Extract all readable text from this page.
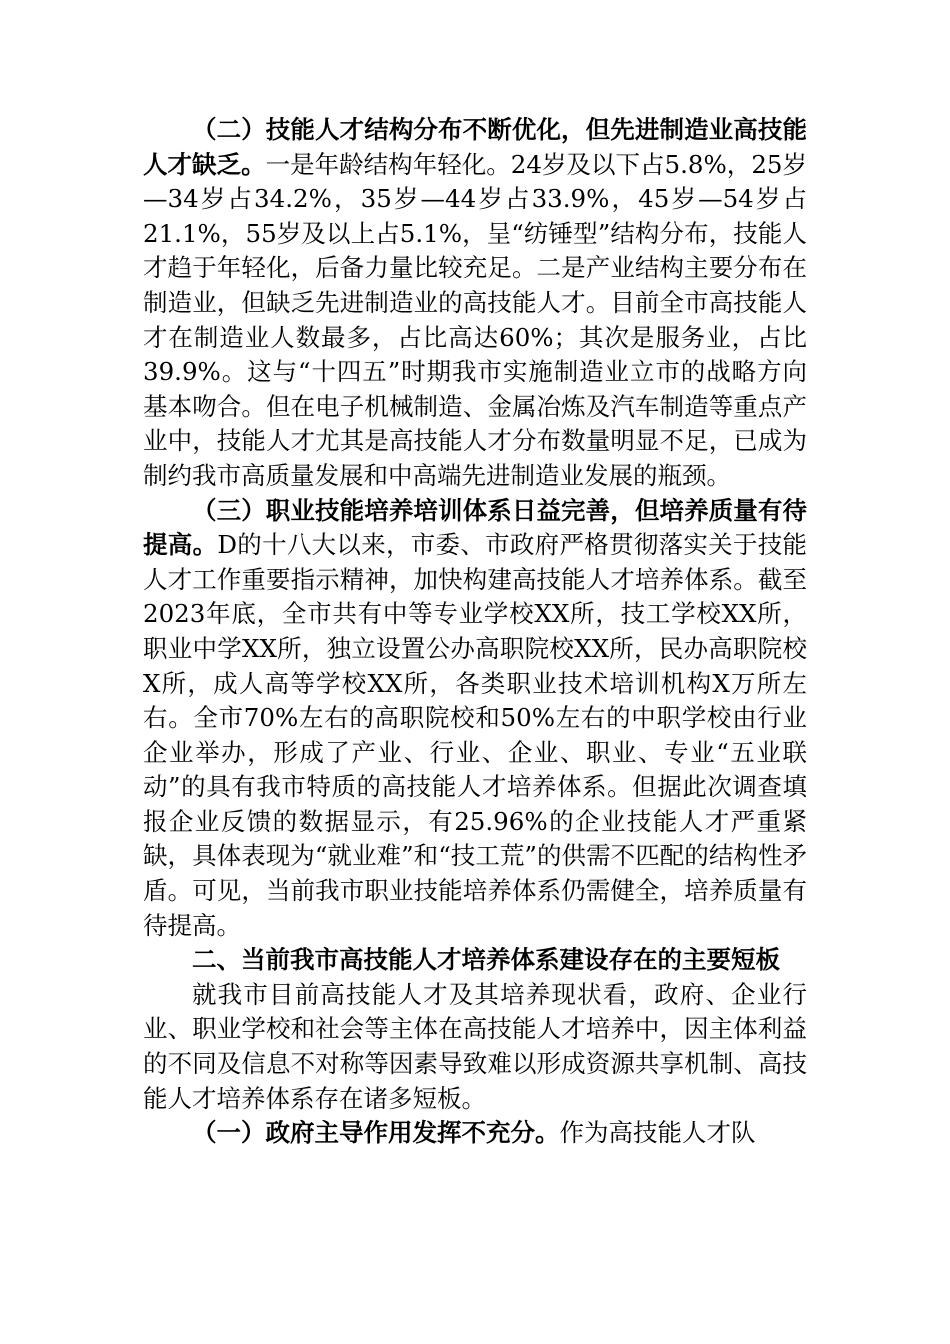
（二）技能人才结构分布不断优化，但先进制造业高技能人才缺乏。一是年龄结构年轻化。24岁及以下占5.8%，25岁—34岁占34.2%，35岁—44岁占33.9%，45岁—54岁占21.1%，55岁及以上占5.1%，呈“纺锤型”结构分布，技能人才趋于年轻化，后备力量比较充足。二是产业结构主要分布在制造业，但缺乏先进制造业的高技能人才。目前全市高技能人才在制造业人数最多，占比高达60%；其次是服务业，占比39.9%。这与“十四五”时期我市实施制造业立市的战略方向基本吻合。但在电子机械制造、金属冶炼及汽车制造等重点产业中，技能人才尤其是高技能人才分布数量明显不足，已成为制约我市高质量发展和中高端先进制造业发展的瓶颈。

（三）职业技能培养培训体系日益完善，但培养质量有待提高。D的十八大以来，市委、市政府严格贯彻落实关于技能人才工作重要指示精神，加快构建高技能人才培养体系。截至2023年底，全市共有中等专业学校XX所，技工学校XX所，职业中学XX所，独立设置公办高职院校XX所，民办高职院校X所，成人高等学校XX所，各类职业技术培训机构X万所左右。全市70%左右的高职院校和50%左右的中职学校由行业企业举办，形成了产业、行业、企业、职业、专业“五业联动”的具有我市特质的高技能人才培养体系。但据此次调查填报企业反馈的数据显示，有25.96%的企业技能人才严重紧缺，具体表现为“就业难”和“技工荒”的供需不匹配的结构性矛盾。可见，当前我市职业技能培养体系仍需健全，培养质量有待提高。

二、当前我市高技能人才培养体系建设存在的主要短板

就我市目前高技能人才及其培养现状看，政府、企业行业、职业学校和社会等主体在高技能人才培养中，因主体利益的不同及信息不对称等因素导致难以形成资源共享机制、高技能人才培养体系存在诸多短板。

（一）政府主导作用发挥不充分。作为高技能人才队
